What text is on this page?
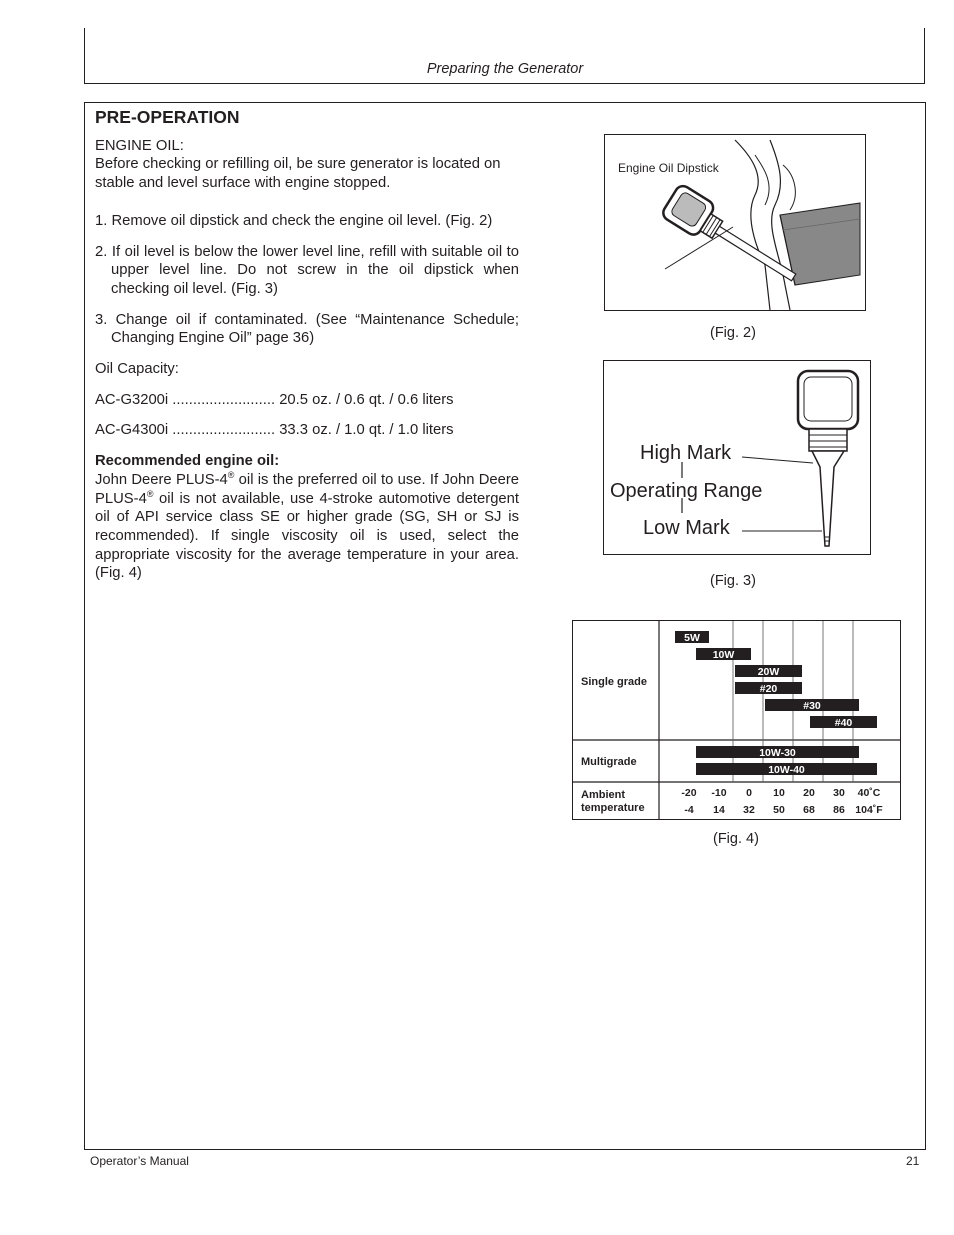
Preparing the Generator
PRE-OPERATION

ENGINE OIL:

Before checking or refilling oil, be sure generator is located on stable and level surface with engine stopped.

1. Remove oil dipstick and check the engine oil level. (Fig. 2)

2. If oil level is below the lower level line, refill with suitable oil to upper level line. Do not screw in the oil dipstick when checking oil level. (Fig. 3)

3. Change oil if contaminated. (See “Maintenance Schedule; Changing Engine Oil” page 36)

Oil Capacity:

AC-G3200i ......................... 20.5 oz. / 0.6 qt. / 0.6 liters

AC-G4300i ......................... 33.3 oz. / 1.0 qt. / 1.0 liters

Recommended engine oil:

John Deere PLUS-4® oil is the preferred oil to use. If John Deere PLUS-4® oil is not available, use 4-stroke automotive detergent oil of API service class SE or higher grade (SG, SH or SJ is recommended). If single viscosity oil is used, select the appropriate viscosity for the average temperature in your area. (Fig. 4)

Engine Oil Dipstick
(Fig. 2)
High Mark
Operating Range
Low Mark
(Fig. 3)
Single grade
Multigrade
Ambient
temperature
5W
10W
20W
#20
#30
#40
10W-30
10W-40
-20 -10 0 10 20 30 40˚C
-4 14 32 50 68 86 104˚F
(Fig. 4)
Operator’s Manual	21
